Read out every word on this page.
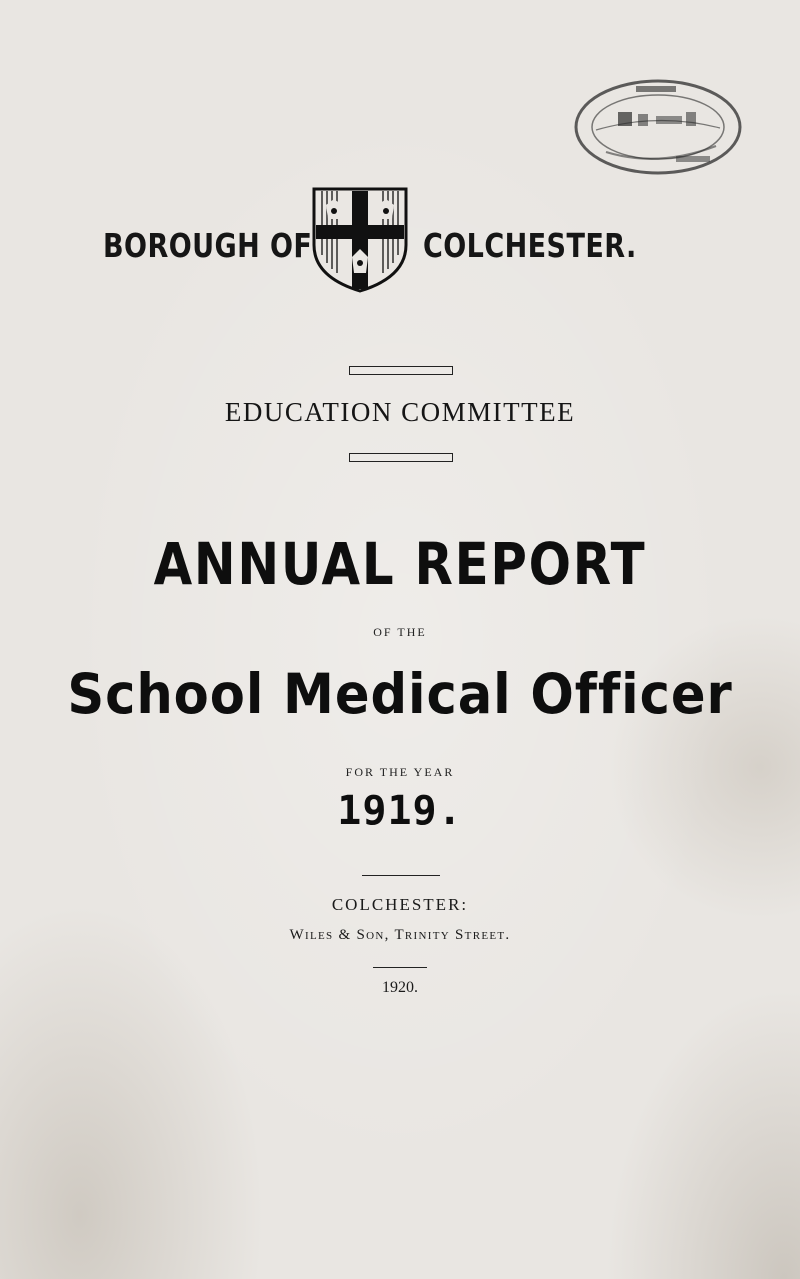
BOROUGH OF	COLCHESTER.
EDUCATION COMMITTEE
ANNUAL REPORT
OF THE
School Medical Officer
FOR THE YEAR
1919.
COLCHESTER:
Wiles & Son, Trinity Street.
1920.
